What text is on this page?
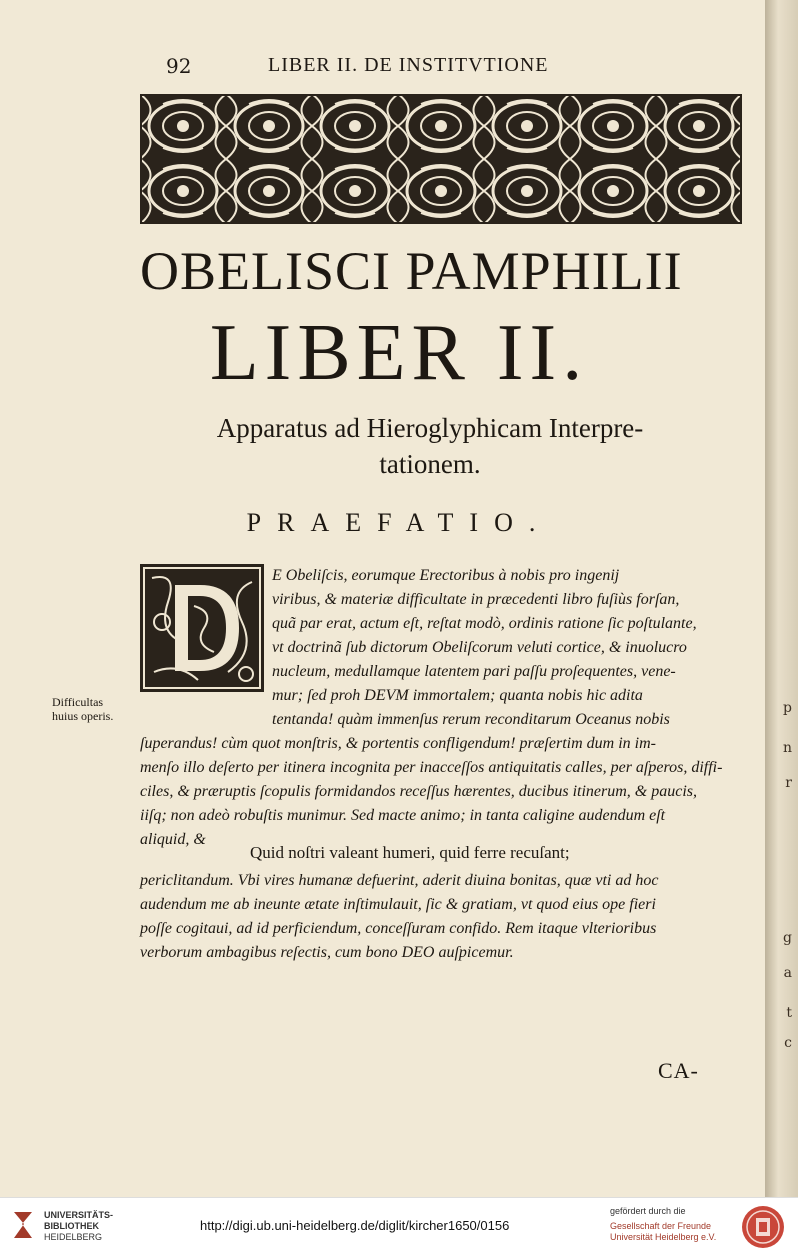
p
n
r
g
a
t
c
92	LIBER II. DE INSTITVTIONE
OBELISCI PAMPHILII
LIBER II.
Apparatus ad Hieroglyphicam Interpre-
tationem.
PRAEFATIO.
Difficultas
huius operis.

E Obeliſcis, eorumque Erectoribus à nobis pro ingenij

viribus, & materiæ difficultate in præcedenti libro fuſiùs forſan,

quã par erat, actum eſt, reſtat modò, ordinis ratione ſic poſtulante,

vt doctrinã ſub dictorum Obeliſcorum veluti cortice, & inuolucro

nucleum, medullamque latentem pari paſſu proſequentes, vene-

mur; ſed proh DEVM immortalem; quanta nobis hic adita

tentanda! quàm immenſus rerum reconditarum Oceanus nobis

ſuperandus! cùm quot monſtris, & portentis confligendum! præſertim dum in im-

menſo illo deſerto per itinera incognita per inacceſſos antiquitatis calles, per aſperos, diffi-

ciles, & præruptis ſcopulis formidandos receſſus hærentes, ducibus itinerum, & paucis,

iiſq; non adeò robuſtis munimur. Sed macte animo; in tanta caligine audendum eſt

aliquid, &

Quid noſtri valeant humeri, quid ferre recuſant;

periclitandum. Vbi vires humanæ defuerint, aderit diuina bonitas, quæ vti ad hoc

audendum me ab ineunte ætate inſtimulauit, ſic & gratiam, vt quod eius ope fieri

poſſe cogitaui, ad id perficiendum, conceſſuram confido. Rem itaque vlterioribus

verborum ambagibus reſectis, cum bono DEO auſpicemur.

CA-
UNIVERSITÄTS-
BIBLIOTHEK
HEIDELBERG
http://digi.ub.uni-heidelberg.de/diglit/kircher1650/0156
gefördert durch die
Gesellschaft der Freunde
Universität Heidelberg e.V.
